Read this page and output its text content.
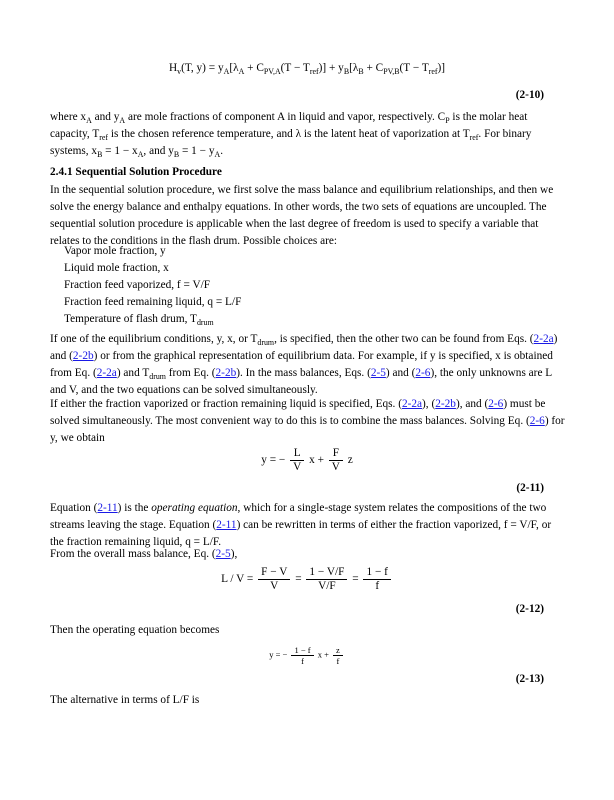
$H_v(T$, $y) = y_A[\lambda_A + C_{PV,A}(T - T_{ref})] + y_B[\lambda_B + C_{PV,B}(T - T_{ref})]$

(2-10)

where $x_A$ and $y_A$ are mole fractions of component A in liquid and vapor, respectively. $C_P$ is the molar heat capacity, $T_{ref}$ is the chosen reference temperature, and λ is the latent heat of vaporization at $T_{ref}$. For binary systems, $x_B = 1 - x_A$, and $y_B = 1 - y_A$.

2.4.1 Sequential Solution Procedure

In the sequential solution procedure, we first solve the mass balance and equilibrium relationships, and then we solve the energy balance and enthalpy equations. In other words, the two sets of equations are uncoupled. The sequential solution procedure is applicable when the last degree of freedom is used to specify a variable that relates to the conditions in the flash drum. Possible choices are:

Vapor mole fraction, y

Liquid mole fraction, x

Fraction feed vaporized, f = V/F

Fraction feed remaining liquid, q = L/F

Temperature of flash drum, $T_{drum}$

If one of the equilibrium conditions, y, x, or $T_{drum}$, is specified, then the other two can be found from Eqs. (2-2a) and (2-2b) or from the graphical representation of equilibrium data. For example, if y is specified, x is obtained from Eq. (2-2a) and $T_{drum}$ from Eq. (2-2b). In the mass balances, Eqs. (2-5) and (2-6), the only unknowns are L and V, and the two equations can be solved simultaneously.

If either the fraction vaporized or fraction remaining liquid is specified, Eqs. (2-2a), (2-2b), and (2-6) must be solved simultaneously. The most convenient way to do this is to combine the mass balances. Solving Eq. (2-6) for y, we obtain

y = − $\frac{L}{V}$ $x + \frac{F}{V}$ z

(2-11)

Equation (2-11) is the operating equation, which for a single-stage system relates the compositions of the two streams leaving the stage. Equation (2-11) can be rewritten in terms of either the fraction vaporized, f = V/F, or the fraction remaining liquid, q = L/F.

From the overall mass balance, Eq. (2-5),

$L / V = \frac{F - V}{V} = \frac{1 - V/F}{V/F} = \frac{1 - f}{f}$

(2-12)

Then the operating equation becomes

y = − $\frac{1 - f}{f}$ $x + \frac{z}{f}$

(2-13)

The alternative in terms of L/F is
